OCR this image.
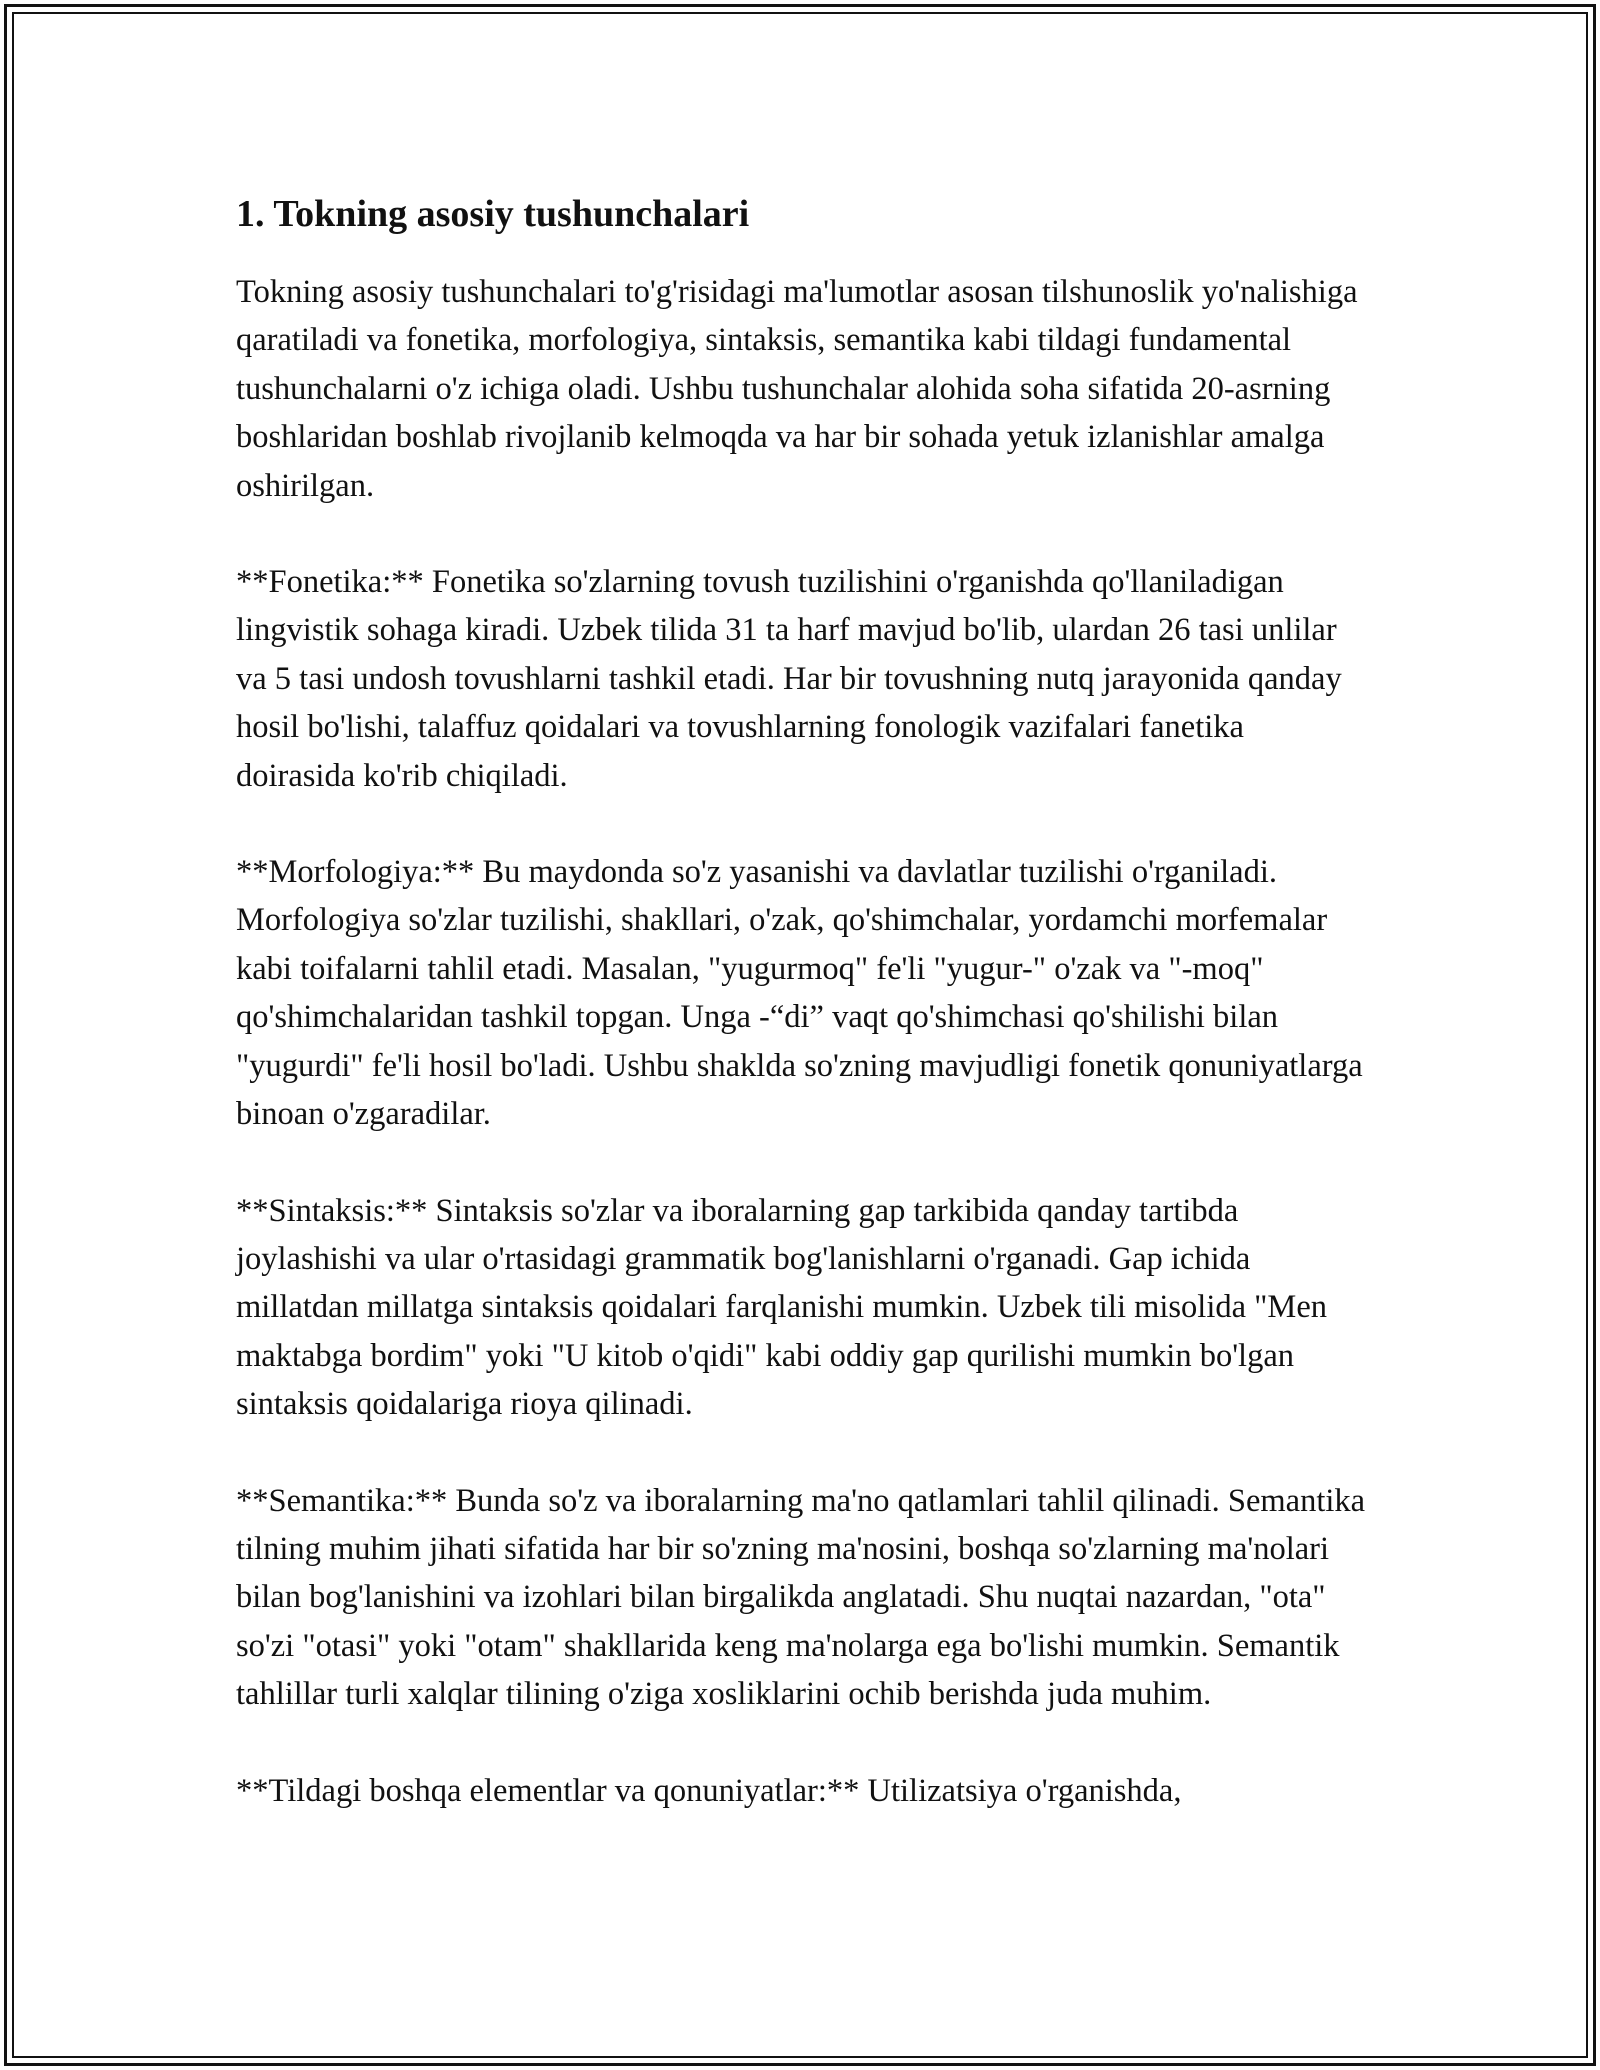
1. Tokning asosiy tushunchalari

Tokning asosiy tushunchalari to'g'risidagi ma'lumotlar asosan tilshunoslik yo'nalishiga qaratiladi va fonetika, morfologiya, sintaksis, semantika kabi tildagi fundamental tushunchalarni o'z ichiga oladi. Ushbu tushunchalar alohida soha sifatida 20-asrning boshlaridan boshlab rivojlanib kelmoqda va har bir sohada yetuk izlanishlar amalga oshirilgan.

**Fonetika:** Fonetika so'zlarning tovush tuzilishini o'rganishda qo'llaniladigan lingvistik sohaga kiradi. Uzbek tilida 31 ta harf mavjud bo'lib, ulardan 26 tasi unlilar va 5 tasi undosh tovushlarni tashkil etadi. Har bir tovushning nutq jarayonida qanday hosil bo'lishi, talaffuz qoidalari va tovushlarning fonologik vazifalari fanetika doirasida ko'rib chiqiladi.

**Morfologiya:** Bu maydonda so'z yasanishi va davlatlar tuzilishi o'rganiladi. Morfologiya so'zlar tuzilishi, shakllari, o'zak, qo'shimchalar, yordamchi morfemalar kabi toifalarni tahlil etadi. Masalan, "yugurmoq" fe'li "yugur-" o'zak va "-moq" qo'shimchalaridan tashkil topgan. Unga -“di” vaqt qo'shimchasi qo'shilishi bilan "yugurdi" fe'li hosil bo'ladi. Ushbu shaklda so'zning mavjudligi fonetik qonuniyatlarga binoan o'zgaradilar.

**Sintaksis:** Sintaksis so'zlar va iboralarning gap tarkibida qanday tartibda joylashishi va ular o'rtasidagi grammatik bog'lanishlarni o'rganadi. Gap ichida millatdan millatga sintaksis qoidalari farqlanishi mumkin. Uzbek tili misolida "Men maktabga bordim" yoki "U kitob o'qidi" kabi oddiy gap qurilishi mumkin bo'lgan sintaksis qoidalariga rioya qilinadi.

**Semantika:** Bunda so'z va iboralarning ma'no qatlamlari tahlil qilinadi. Semantika tilning muhim jihati sifatida har bir so'zning ma'nosini, boshqa so'zlarning ma'nolari bilan bog'lanishini va izohlari bilan birgalikda anglatadi. Shu nuqtai nazardan, "ota" so'zi "otasi" yoki "otam" shakllarida keng ma'nolarga ega bo'lishi mumkin. Semantik tahlillar turli xalqlar tilining o'ziga xosliklarini ochib berishda juda muhim.

**Tildagi boshqa elementlar va qonuniyatlar:** Utilizatsiya o'rganishda,
